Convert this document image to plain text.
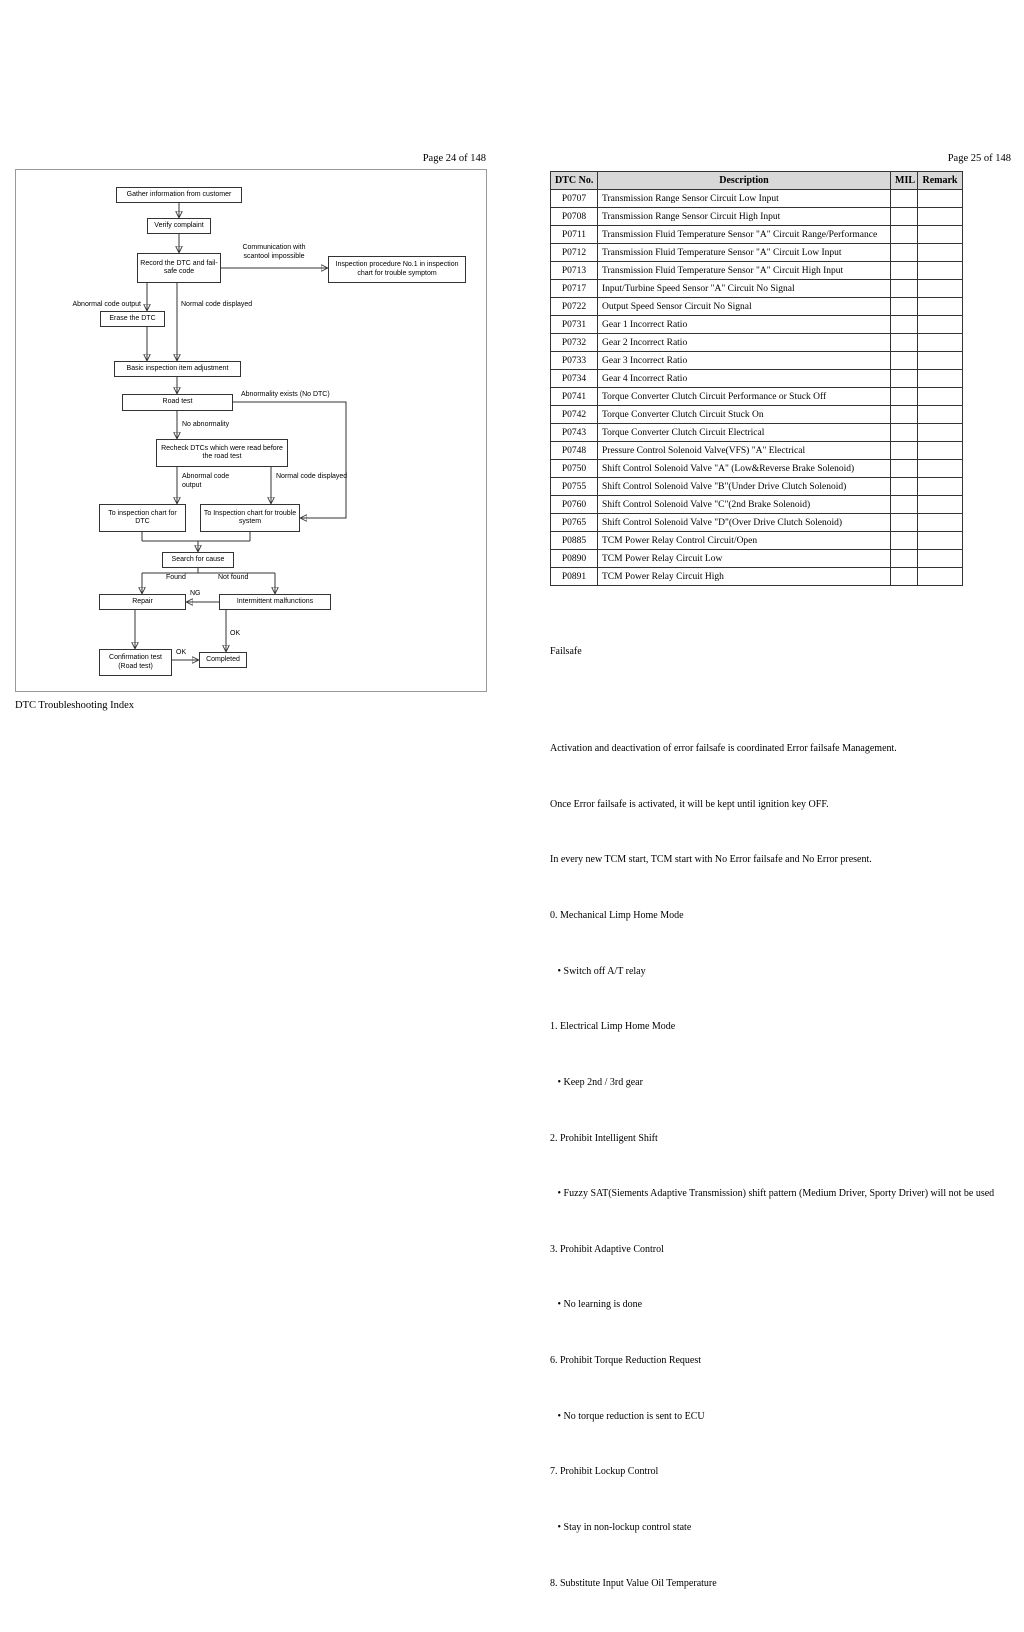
Page 24 of 148
Gather information from customer
Verify complaint
Record the DTC and fail-safe code
Inspection procedure No.1 in inspection chart for trouble symptom
Erase the DTC
Basic inspection item adjustment
Road test
Recheck DTCs which were read before the road test
To inspection chart for DTC
To Inspection chart for trouble system
Search for cause
Repair	Intermittent malfunctions
Confirmation test (Road test)
Completed
Communication with scantool impossible
Abnormal code output	Normal code displayed
Abnormality exists (No DTC)
No abnormality
Abnormal code output
Normal code displayed
Found	Not found
NG
OK
OK
DTC Troubleshooting Index
Page 25 of 148
DTC No.	Description	MIL	Remark
P0707	Transmission Range Sensor Circuit Low Input		
P0708	Transmission Range Sensor Circuit High Input		
P0711	Transmission Fluid Temperature Sensor "A" Circuit Range/Performance		
P0712	Transmission Fluid Temperature Sensor "A" Circuit Low Input		
P0713	Transmission Fluid Temperature Sensor "A" Circuit High Input		
P0717	Input/Turbine Speed Sensor "A" Circuit No Signal		
P0722	Output Speed Sensor Circuit No Signal		
P0731	Gear 1 Incorrect Ratio		
P0732	Gear 2 Incorrect Ratio		
P0733	Gear 3 Incorrect Ratio		
P0734	Gear 4 Incorrect Ratio		
P0741	Torque Converter Clutch Circuit Performance or Stuck Off		
P0742	Torque Converter Clutch Circuit Stuck On		
P0743	Torque Converter Clutch Circuit Electrical		
P0748	Pressure Control Solenoid Valve(VFS) "A" Electrical		
P0750	Shift Control Solenoid Valve "A" (Low&Reverse Brake Solenoid)		
P0755	Shift Control Solenoid Valve "B"(Under Drive Clutch Solenoid)		
P0760	Shift Control Solenoid Valve "C"(2nd Brake Solenoid)		
P0765	Shift Control Solenoid Valve "D"(Over Drive Clutch Solenoid)		
P0885	TCM Power Relay Control Circuit/Open		
P0890	TCM Power Relay Circuit Low		
P0891	TCM Power Relay Circuit High		

Failsafe

Activation and deactivation of error failsafe is coordinated Error failsafe Management.

Once Error failsafe is activated, it will be kept until ignition key OFF.

In every new TCM start, TCM start with No Error failsafe and No Error present.

0. Mechanical Limp Home Mode

• Switch off A/T relay

1. Electrical Limp Home Mode

• Keep 2nd / 3rd gear

2. Prohibit Intelligent Shift

• Fuzzy SAT(Siements Adaptive Transmission) shift pattern (Medium Driver, Sporty Driver) will not be used

3. Prohibit Adaptive Control

• No learning is done

6. Prohibit Torque Reduction Request

• No torque reduction is sent to ECU

7. Prohibit Lockup Control

• Stay in non-lockup control state

8. Substitute Input Value Oil Temperature
